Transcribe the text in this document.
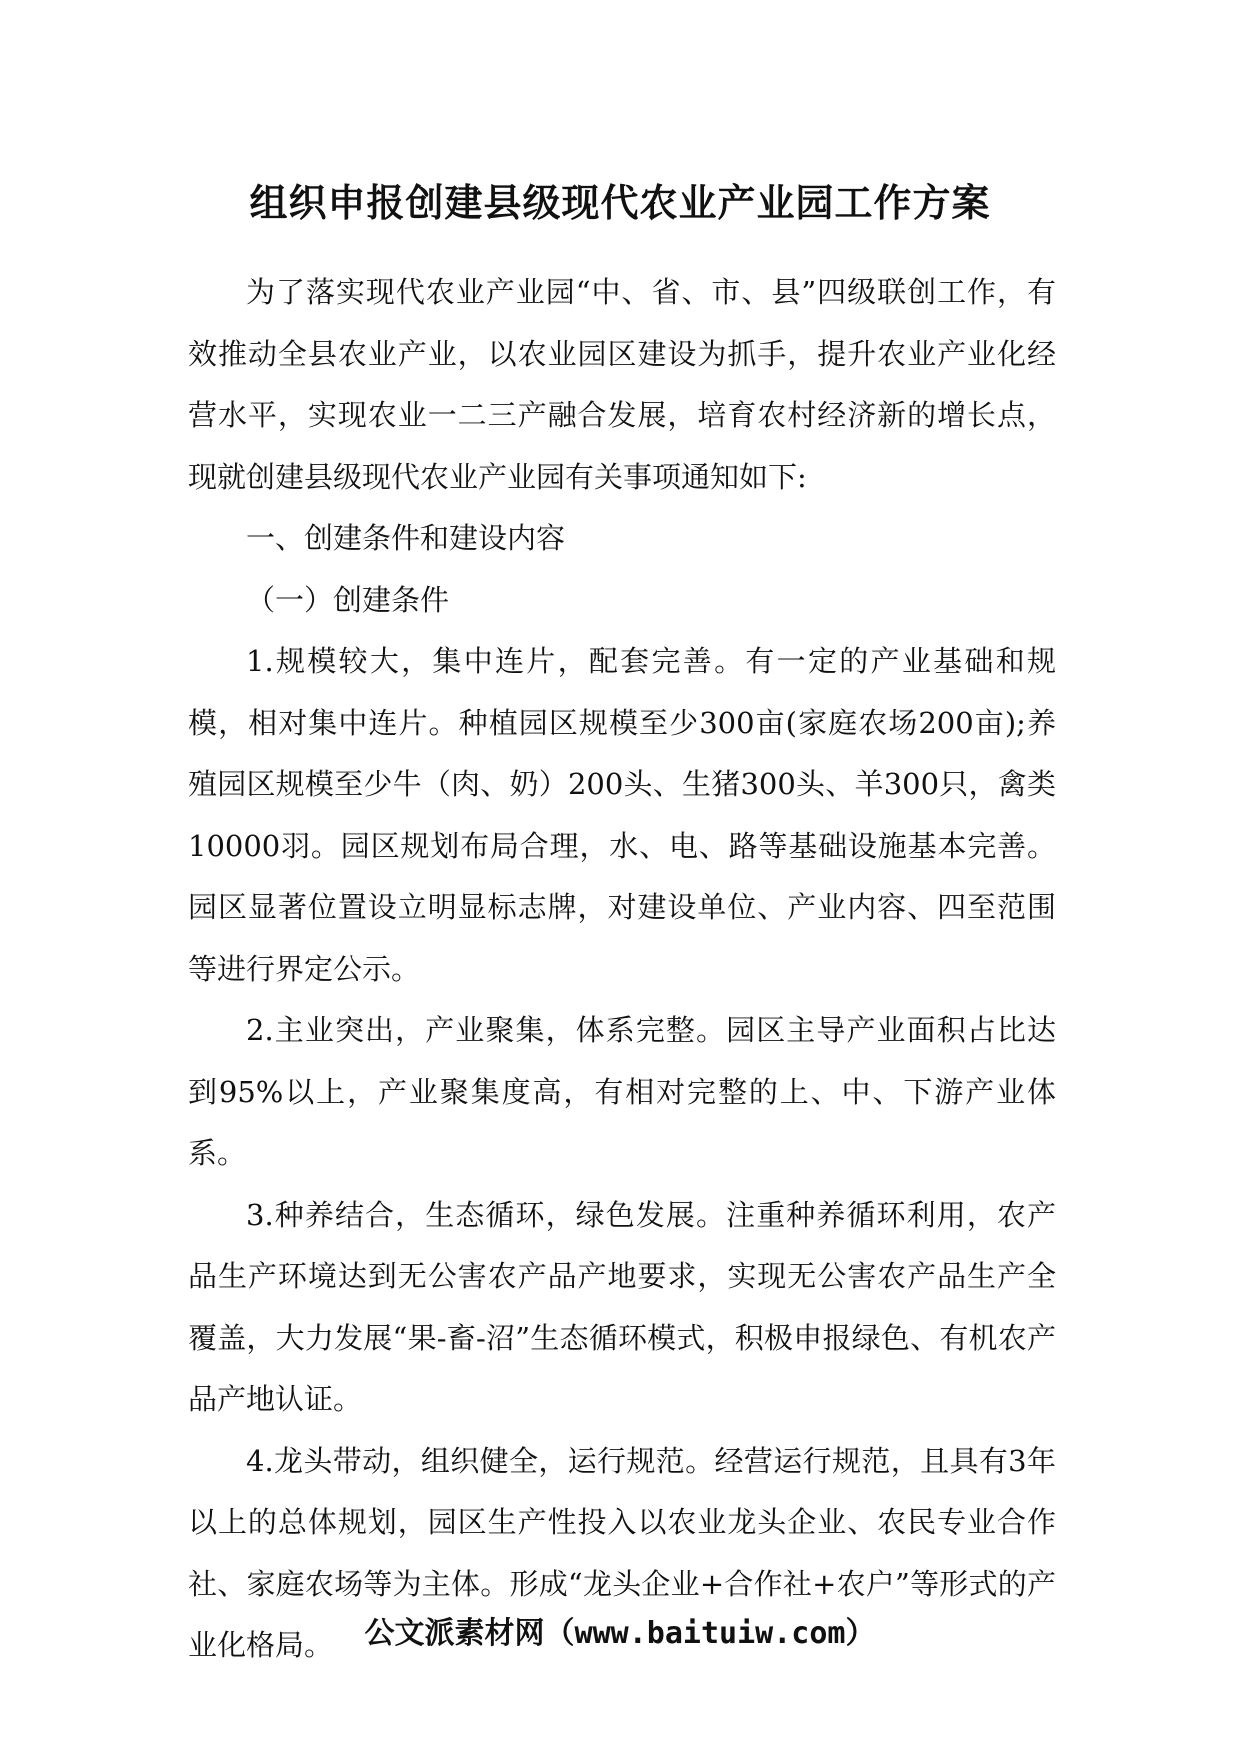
组织申报创建县级现代农业产业园工作方案

为了落实现代农业产业园“中、省、市、县”四级联创工作，有效推动全县农业产业，以农业园区建设为抓手，提升农业产业化经营水平，实现农业一二三产融合发展，培育农村经济新的增长点，现就创建县级现代农业产业园有关事项通知如下:

一、创建条件和建设内容

（一）创建条件

1.规模较大，集中连片，配套完善。有一定的产业基础和规模，相对集中连片。种植园区规模至少300亩(家庭农场200亩);养殖园区规模至少牛（肉、奶）200头、生猪300头、羊300只，禽类10000羽。园区规划布局合理，水、电、路等基础设施基本完善。园区显著位置设立明显标志牌，对建设单位、产业内容、四至范围等进行界定公示。

2.主业突出，产业聚集，体系完整。园区主导产业面积占比达到95%以上，产业聚集度高，有相对完整的上、中、下游产业体系。

3.种养结合，生态循环，绿色发展。注重种养循环利用，农产品生产环境达到无公害农产品产地要求，实现无公害农产品生产全覆盖，大力发展“果-畜-沼”生态循环模式，积极申报绿色、有机农产品产地认证。

4.龙头带动，组织健全，运行规范。经营运行规范，且具有3年以上的总体规划，园区生产性投入以农业龙头企业、农民专业合作社、家庭农场等为主体。形成“龙头企业+合作社+农户”等形式的产业化格局。	公文派素材网（www.baituiw.com）
